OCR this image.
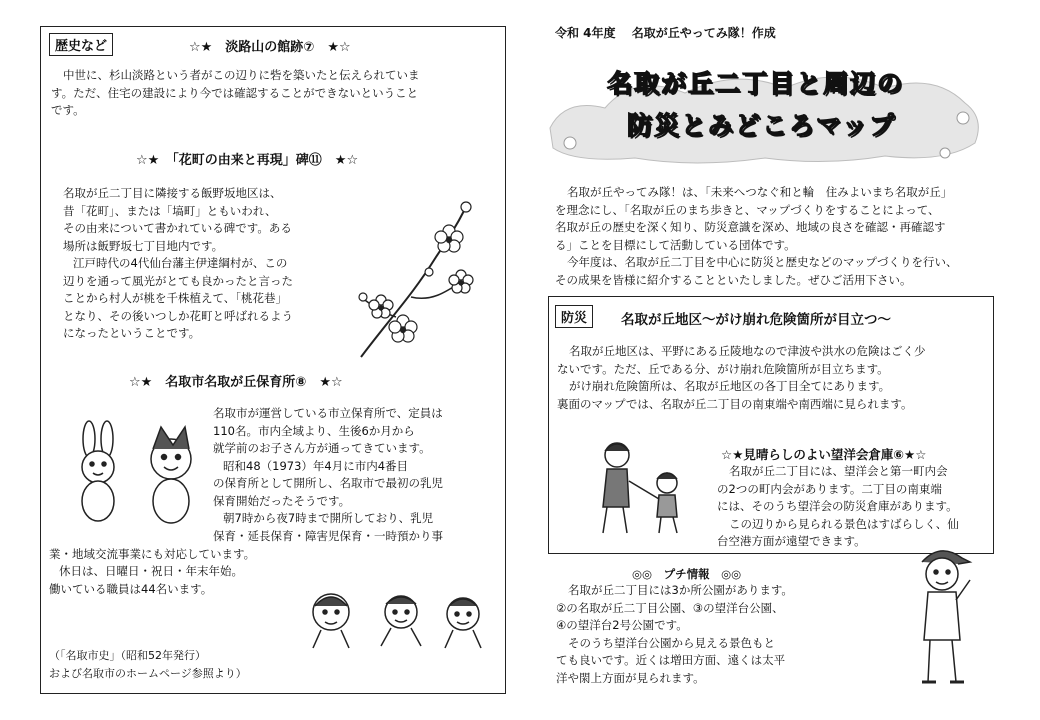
歴史など	☆★　淡路山の館跡⑦　★☆

中世に、杉山淡路という者がこの辺りに砦を築いたと伝えられていま

す。ただ、住宅の建設により今では確認することができないということ

です。

☆★　「花町の由来と再現」碑⑪　★☆

名取が丘二丁目に隣接する飯野坂地区は、

昔「花町」、または「塙町」ともいわれ、

その由来について書かれている碑です。ある

場所は飯野坂七丁目地内です。

江戸時代の4代仙台藩主伊達綱村が、この

辺りを通って風光がとても良かったと言った

ことから村人が桃を千株植えて、「桃花巷」

となり、その後いつしか花町と呼ばれるよう

になったということです。

☆★　名取市名取が丘保育所⑧　★☆

名取市が運営している市立保育所で、定員は

110名。市内全域より、生後6か月から

就学前のお子さん方が通ってきています。

昭和48（1973）年4月に市内4番目

の保育所として開所し、名取市で最初の乳児

保育開始だったそうです。

朝7時から夜7時まで開所しており、乳児

保育・延長保育・障害児保育・一時預かり事

業・地域交流事業にも対応しています。

休日は、日曜日・祝日・年末年始。

働いている職員は44名います。

（「名取市史」（昭和52年発行）

および名取市のホームページ参照より）

令和 4年度　 名取が丘やってみ隊！作成
名取が丘二丁目と周辺の
防災とみどころマップ

名取が丘やってみ隊！は、「未来へつなぐ和と輪　住みよいまち名取が丘」

を理念にし、「名取が丘のまち歩きと、マップづくりをすることによって、

名取が丘の歴史を深く知り、防災意識を深め、地域の良さを確認・再確認す

る」ことを目標にして活動している団体です。

今年度は、名取が丘二丁目を中心に防災と歴史などのマップづくりを行い、

その成果を皆様に紹介することといたしました。ぜひご活用下さい。

防災	名取が丘地区～がけ崩れ危険箇所が目立つ～

名取が丘地区は、平野にある丘陵地なので津波や洪水の危険はごく少

ないです。ただ、丘である分、がけ崩れ危険箇所が目立ちます。

がけ崩れ危険箇所は、名取が丘地区の各丁目全てにあります。

裏面のマップでは、名取が丘二丁目の南東端や南西端に見られます。

☆★見晴らしのよい望洋会倉庫⑥★☆

名取が丘二丁目には、望洋会と第一町内会

の2つの町内会があります。二丁目の南東端

には、そのうち望洋会の防災倉庫があります。

この辺りから見られる景色はすばらしく、仙

台空港方面が遠望できます。

◎◎　プチ情報　◎◎

名取が丘二丁目には3か所公園があります。

②の名取が丘二丁目公園、③の望洋台公園、

④の望洋台2号公園です。

そのうち望洋台公園から見える景色もと

ても良いです。近くは増田方面、遠くは太平

洋や閖上方面が見られます。
